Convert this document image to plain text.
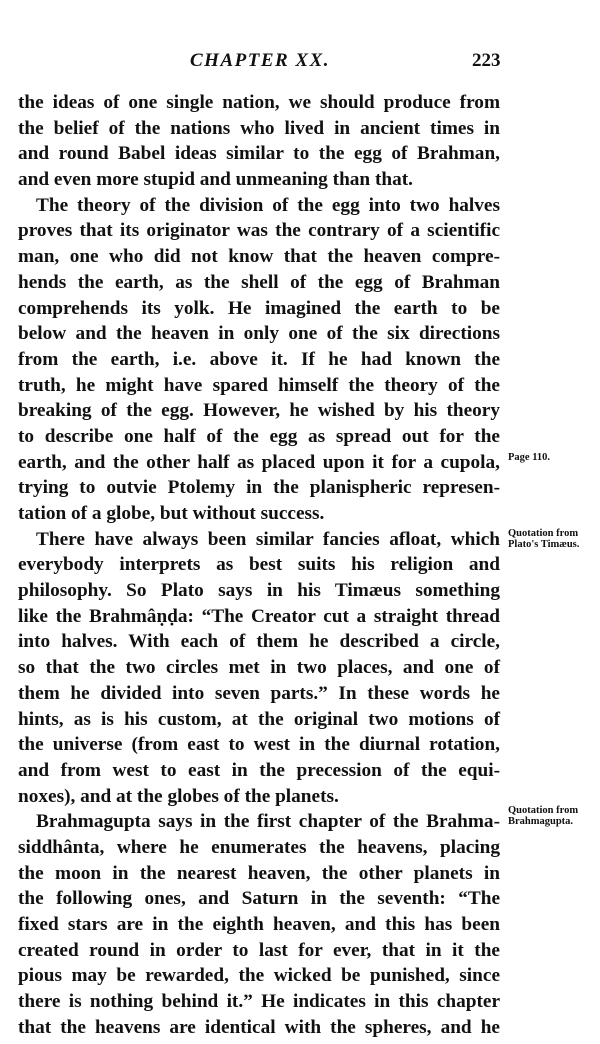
CHAPTER XX.	223
the ideas of one single nation, we should produce from
the belief of the nations who lived in ancient times in
and round Babel ideas similar to the egg of Brahman,
and even more stupid and unmeaning than that.
The theory of the division of the egg into two halves
proves that its originator was the contrary of a scientific
man, one who did not know that the heaven compre-
hends the earth, as the shell of the egg of Brahman
comprehends its yolk. He imagined the earth to be
below and the heaven in only one of the six directions
from the earth, i.e. above it. If he had known the
truth, he might have spared himself the theory of the
breaking of the egg. However, he wished by his theory
to describe one half of the egg as spread out for the
earth, and the other half as placed upon it for a cupola,
trying to outvie Ptolemy in the planispheric represen-
tation of a globe, but without success.
There have always been similar fancies afloat, which
everybody interprets as best suits his religion and
philosophy. So Plato says in his Timæus something
like the Brahmâṇḍa: “The Creator cut a straight thread
into halves. With each of them he described a circle,
so that the two circles met in two places, and one of
them he divided into seven parts.” In these words he
hints, as is his custom, at the original two motions of
the universe (from east to west in the diurnal rotation,
and from west to east in the precession of the equi-
noxes), and at the globes of the planets.
Brahmagupta says in the first chapter of the Brahma-
siddhânta, where he enumerates the heavens, placing
the moon in the nearest heaven, the other planets in
the following ones, and Saturn in the seventh: “The
fixed stars are in the eighth heaven, and this has been
created round in order to last for ever, that in it the
pious may be rewarded, the wicked be punished, since
there is nothing behind it.” He indicates in this chapter
that the heavens are identical with the spheres, and he
Page 110.
Quotation from Plato's Timæus.
Quotation from Brahmagupta.
